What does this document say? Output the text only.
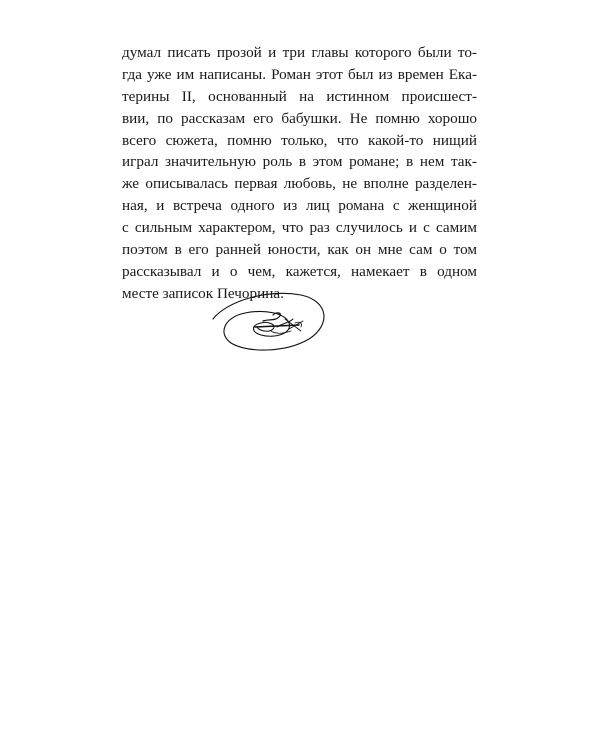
думал писать прозой и три главы которого были то-
гда уже им написаны. Роман этот был из времен Ека-
терины II, основанный на истинном происшест-
вии, по рассказам его бабушки. Не помню хорошо
всего сюжета, помню только, что какой-то нищий
играл значительную роль в этом романе; в нем так-
же описывалась первая любовь, не вполне разделен-
ная, и встреча одного из лиц романа с женщиной
с сильным характером, что раз случилось и с самим
поэтом в его ранней юности, как он мне сам о том
рассказывал и о чем, кажется, намекает в одном
месте записок Печорина.
